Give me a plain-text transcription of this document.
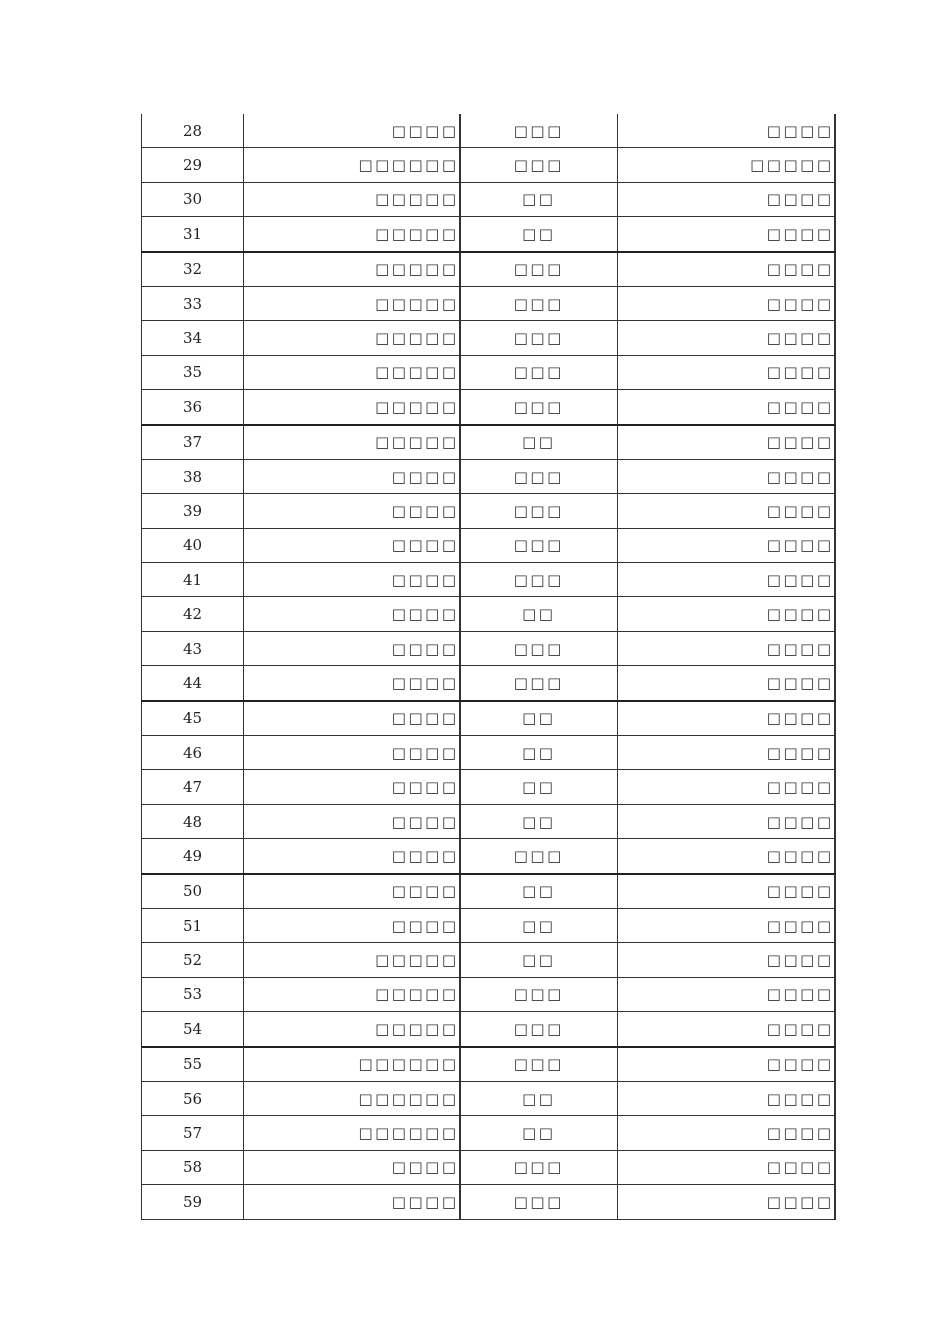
28	□□□□	□□□	□□□□
29	□□□□□□	□□□	□□□□□
30	□□□□□	□□	□□□□
31	□□□□□	□□	□□□□
32	□□□□□	□□□	□□□□
33	□□□□□	□□□	□□□□
34	□□□□□	□□□	□□□□
35	□□□□□	□□□	□□□□
36	□□□□□	□□□	□□□□
37	□□□□□	□□	□□□□
38	□□□□	□□□	□□□□
39	□□□□	□□□	□□□□
40	□□□□	□□□	□□□□
41	□□□□	□□□	□□□□
42	□□□□	□□	□□□□
43	□□□□	□□□	□□□□
44	□□□□	□□□	□□□□
45	□□□□	□□	□□□□
46	□□□□	□□	□□□□
47	□□□□	□□	□□□□
48	□□□□	□□	□□□□
49	□□□□	□□□	□□□□
50	□□□□	□□	□□□□
51	□□□□	□□	□□□□
52	□□□□□	□□	□□□□
53	□□□□□	□□□	□□□□
54	□□□□□	□□□	□□□□
55	□□□□□□	□□□	□□□□
56	□□□□□□	□□	□□□□
57	□□□□□□	□□	□□□□
58	□□□□	□□□	□□□□
59	□□□□	□□□	□□□□
